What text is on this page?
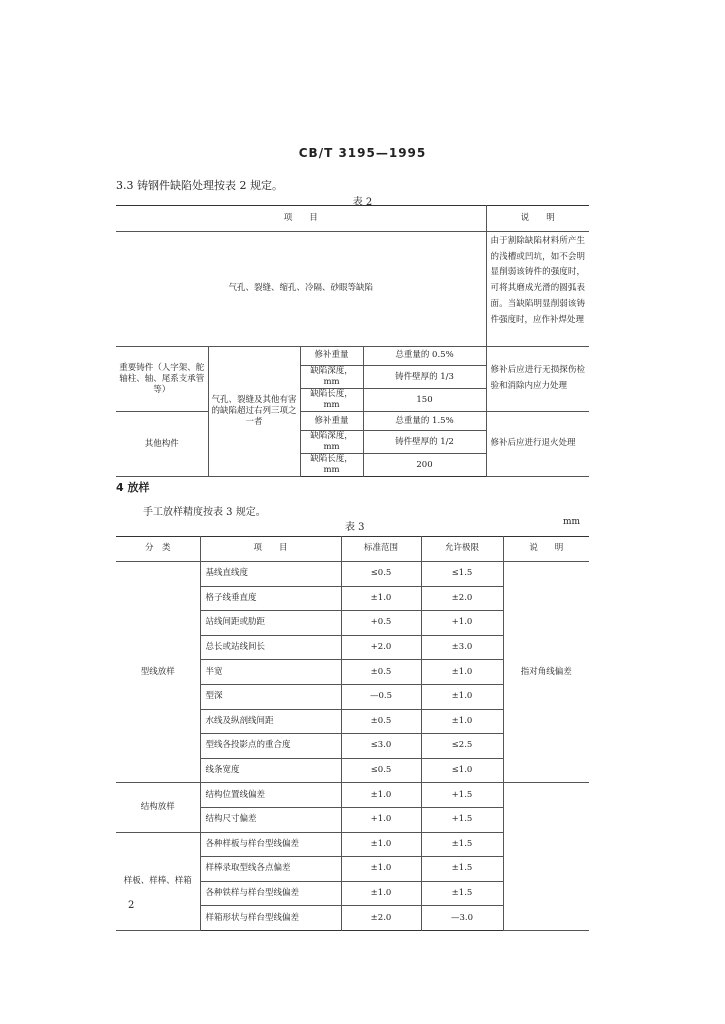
CB/T 3195—1995
3.3 铸钢件缺陷处理按表 2 规定。
表 2
项　　目				说　　明
气孔、裂缝、缩孔、冷隔、砂眼等缺陷				由于割除缺陷材料所产生的浅槽或凹坑，如不会明显削弱该铸件的强度时，可将其磨成光滑的圆弧表面。当缺陷明显削弱该铸件强度时，应作补焊处理
重要铸件（人字架、舵轴柱、轴、尾系支承管等）	气孔、裂缝及其他有害的缺陷超过右列三项之一者	修补重量	总重量的 0.5%	修补后应进行无损探伤检验和消除内应力处理
		缺陷深度，mm	铸件壁厚的 1/3	
		缺陷长度，mm	150	
其他构件		修补重量	总重量的 1.5%	修补后应进行退火处理
		缺陷深度，mm	铸件壁厚的 1/2	
		缺陷长度，mm	200	
4 放样
手工放样精度按表 3 规定。
表 3	mm
分　类	项　　目	标准范围	允许极限	说　　明
型线放样	基线直线度	≤0.5	≤1.5	指对角线偏差
	格子线垂直度	±1.0	±2.0	
	站线间距或肋距	+0.5	+1.0	
	总长或站线间长	+2.0	±3.0	
	半宽	±0.5	±1.0	
	型深	—0.5	±1.0	
	水线及纵剖线间距	±0.5	±1.0	
	型线各投影点的重合度	≤3.0	≤2.5	
	线条宽度	≤0.5	≤1.0	
结构放样	结构位置线偏差	±1.0	+1.5	
	结构尺寸偏差	+1.0	+1.5	
样板、样棒、样箱	各种样板与样台型线偏差	±1.0	±1.5	
	样棒录取型线各点偏差	±1.0	±1.5	
	各种铁样与样台型线偏差	±1.0	±1.5	
	样箱形状与样台型线偏差	±2.0	—3.0	
2
